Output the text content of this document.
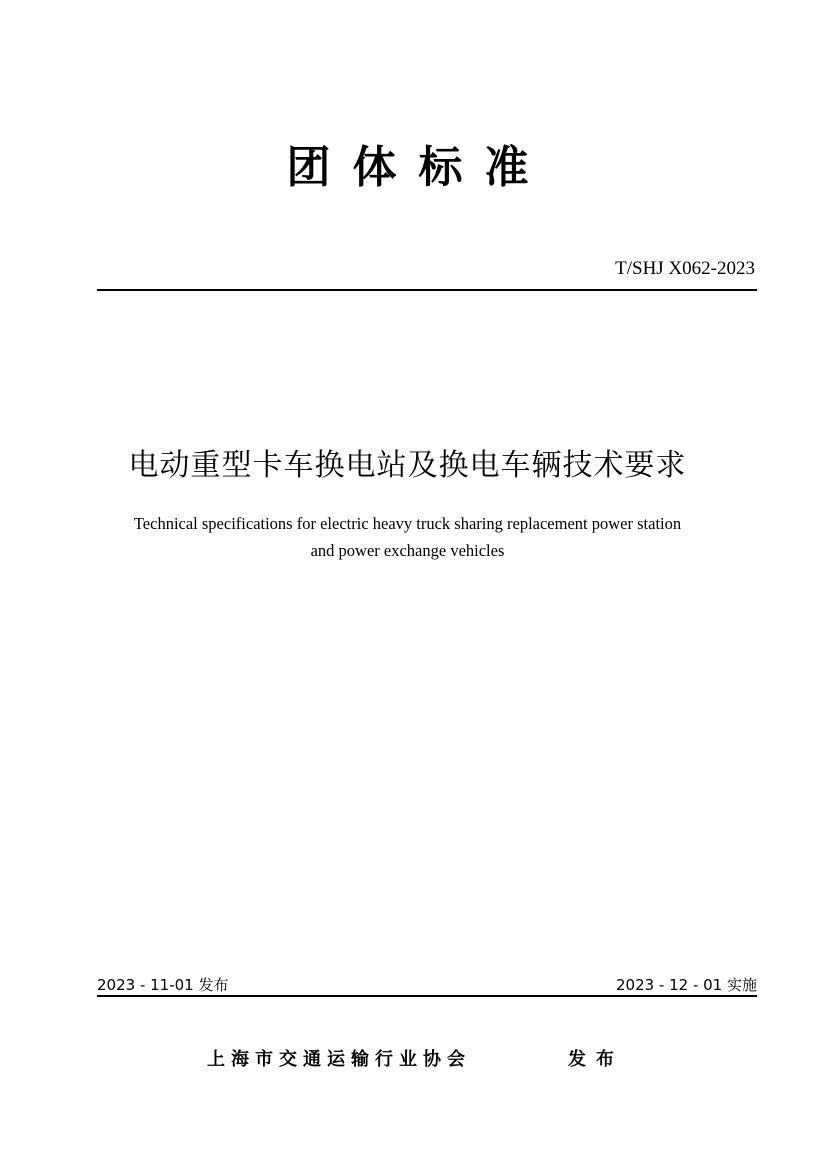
团体标准
T/SHJ X062-2023
电动重型卡车换电站及换电车辆技术要求
Technical specifications for electric heavy truck sharing replacement power station
and power exchange vehicles
2023 - 11-01 发布	2023 - 12 - 01 实施
上海市交通运输行业协会	发布
